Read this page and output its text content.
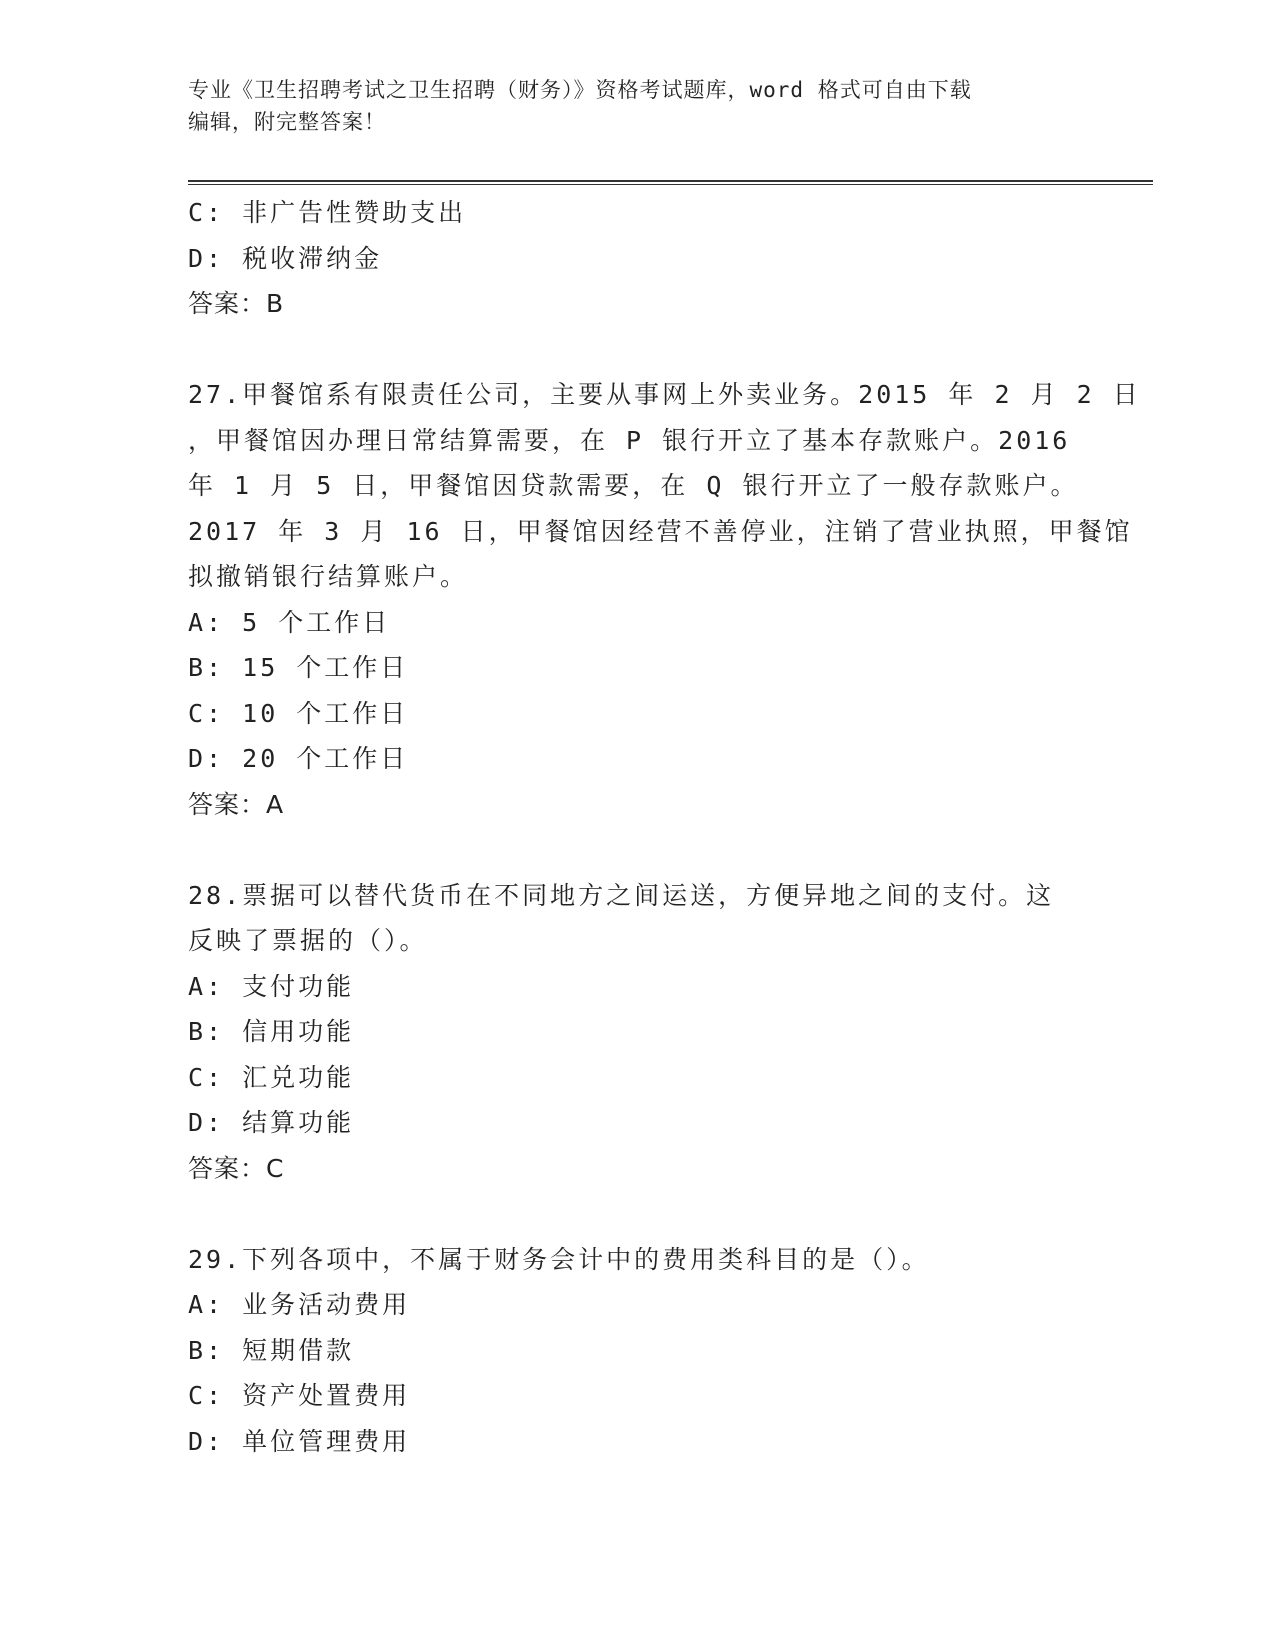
专业《卫生招聘考试之卫生招聘（财务）》资格考试题库，word 格式可自由下载
编辑，附完整答案！
C: 非广告性赞助支出
D: 税收滞纳金
答案：B
27.甲餐馆系有限责任公司，主要从事网上外卖业务。2015 年 2 月 2 日
，甲餐馆因办理日常结算需要，在 P 银行开立了基本存款账户。2016
年 1 月 5 日，甲餐馆因贷款需要，在 Q 银行开立了一般存款账户。
2017 年 3 月 16 日，甲餐馆因经营不善停业，注销了营业执照，甲餐馆
拟撤销银行结算账户。
A: 5 个工作日
B: 15 个工作日
C: 10 个工作日
D: 20 个工作日
答案：A
28.票据可以替代货币在不同地方之间运送，方便异地之间的支付。这
反映了票据的（）。
A: 支付功能
B: 信用功能
C: 汇兑功能
D: 结算功能
答案：C
29.下列各项中，不属于财务会计中的费用类科目的是（）。
A: 业务活动费用
B: 短期借款
C: 资产处置费用
D: 单位管理费用
